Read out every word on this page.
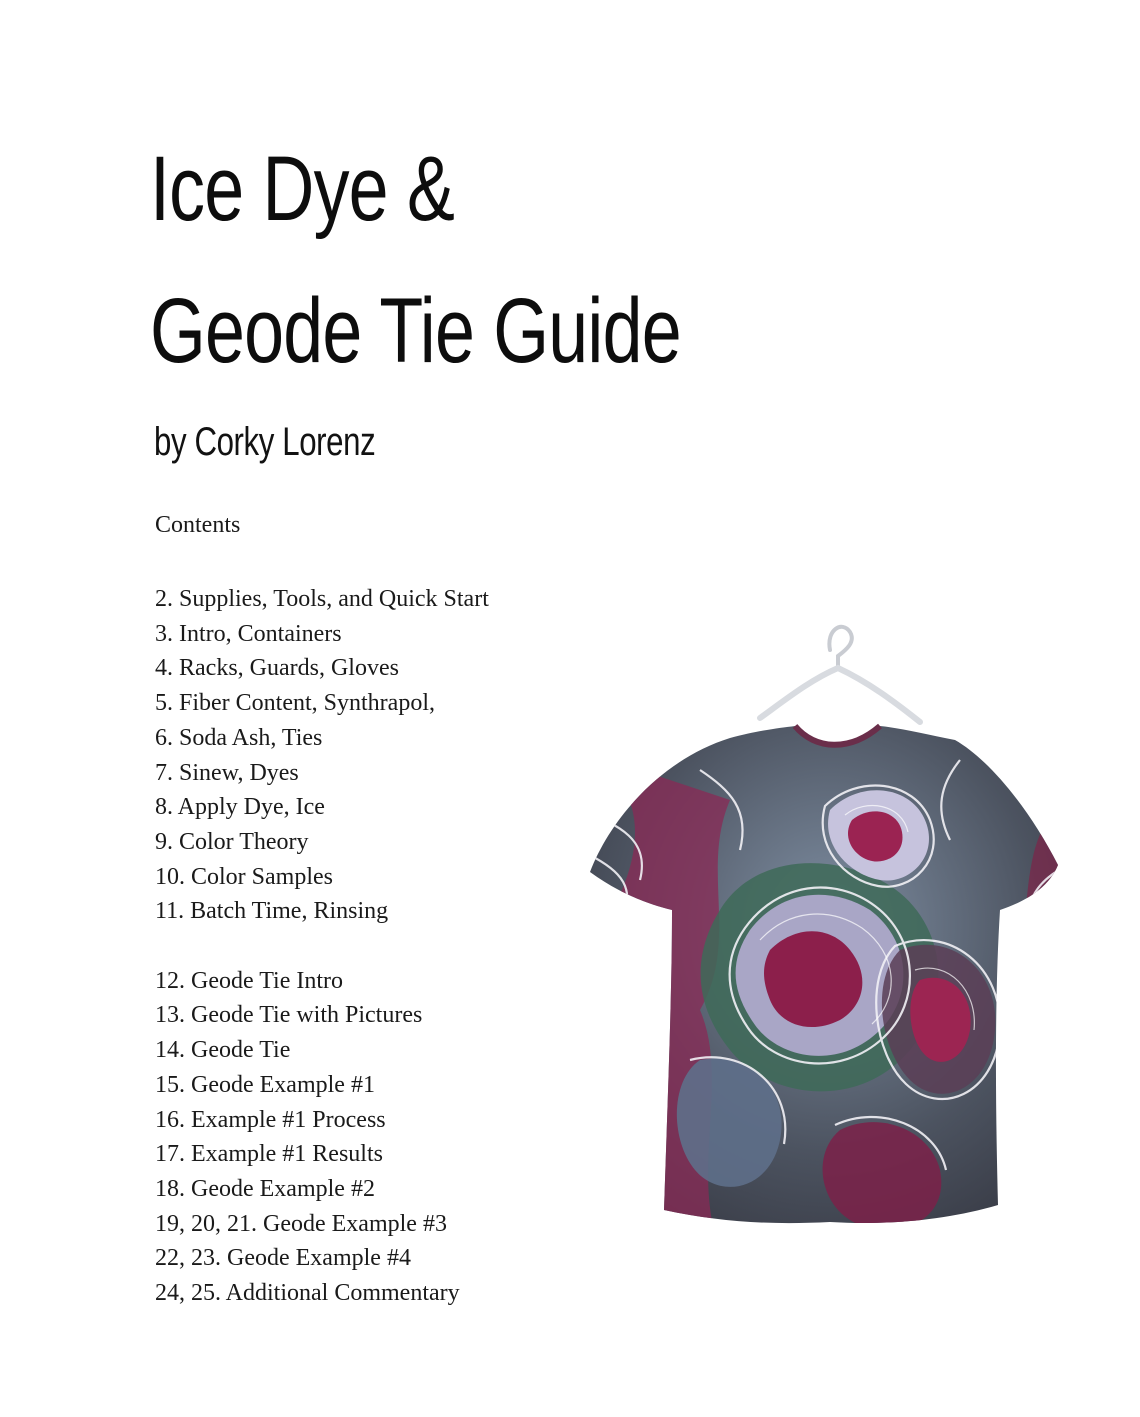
Ice Dye &
Geode Tie Guide
by Corky Lorenz
Contents
2. Supplies, Tools, and Quick Start
3. Intro, Containers
4. Racks, Guards, Gloves
5. Fiber Content, Synthrapol,
6. Soda Ash, Ties
7. Sinew, Dyes
8. Apply Dye, Ice
9. Color Theory
10. Color Samples
11. Batch Time, Rinsing
12. Geode Tie Intro
13. Geode Tie with Pictures
14. Geode Tie
15. Geode Example #1
16. Example #1 Process
17. Example #1 Results
18. Geode Example #2
19, 20, 21. Geode Example #3
22, 23. Geode Example #4
24, 25. Additional Commentary
